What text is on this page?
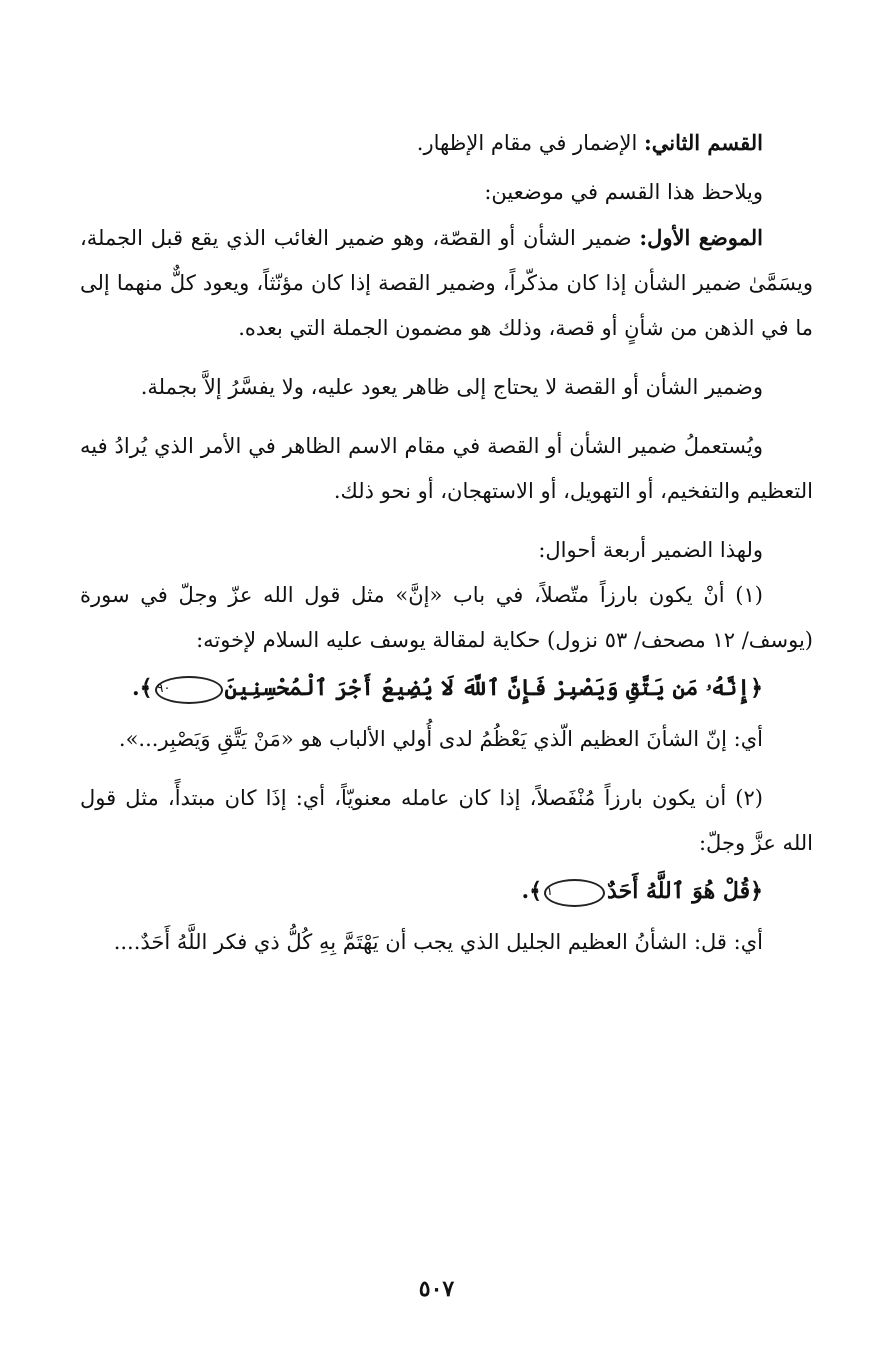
القسم الثاني: الإضمار في مقام الإظهار.

ويلاحظ هذا القسم في موضعين:

الموضع الأول: ضمير الشأن أو القصّة، وهو ضمير الغائب الذي يقع قبل الجملة، ويسَمَّىٰ ضمير الشأن إذا كان مذكّراً، وضمير القصة إذا كان مؤنّثاً، ويعود كلٌّ منهما إلى ما في الذهن من شأنٍ أو قصة، وذلك هو مضمون الجملة التي بعده.

وضمير الشأن أو القصة لا يحتاج إلى ظاهر يعود عليه، ولا يفسَّرُ إلاَّ بجملة.

ويُستعملُ ضمير الشأن أو القصة في مقام الاسم الظاهر في الأمر الذي يُرادُ فيه التعظيم والتفخيم، أو التهويل، أو الاستهجان، أو نحو ذلك.

ولهذا الضمير أربعة أحوال:

(١) أنْ يكون بارزاً متّصلاً، في باب «إنَّ» مثل قول الله عزّ وجلّ في سورة (يوسف/ ١٢ مصحف/ ٥٣ نزول) حكاية لمقالة يوسف عليه السلام لإخوته:

﴿إِنَّهُۥ مَن يَتَّقِ وَيَصْبِرْ فَإِنَّ ٱللَّهَ لَا يُضِيعُ أَجْرَ ٱلْمُحْسِنِينَ٩٠﴾.

أي: إنّ الشأنَ العظيم الّذي يَعْظُمُ لدى أُولي الألباب هو «مَنْ يَتَّقِ وَيَصْبِر...».

(٢) أن يكون بارزاً مُنْفَصلاً، إذا كان عامله معنويّاً، أي: إذَا كان مبتدأً، مثل قول الله عزَّ وجلّ:

﴿قُلْ هُوَ ٱللَّهُ أَحَدٌ١﴾.

أي: قل: الشأنُ العظيم الجليل الذي يجب أن يَهْتَمَّ بِهِ كُلُّ ذي فكر اللَّهُ أَحَدٌ....

٥٠٧
